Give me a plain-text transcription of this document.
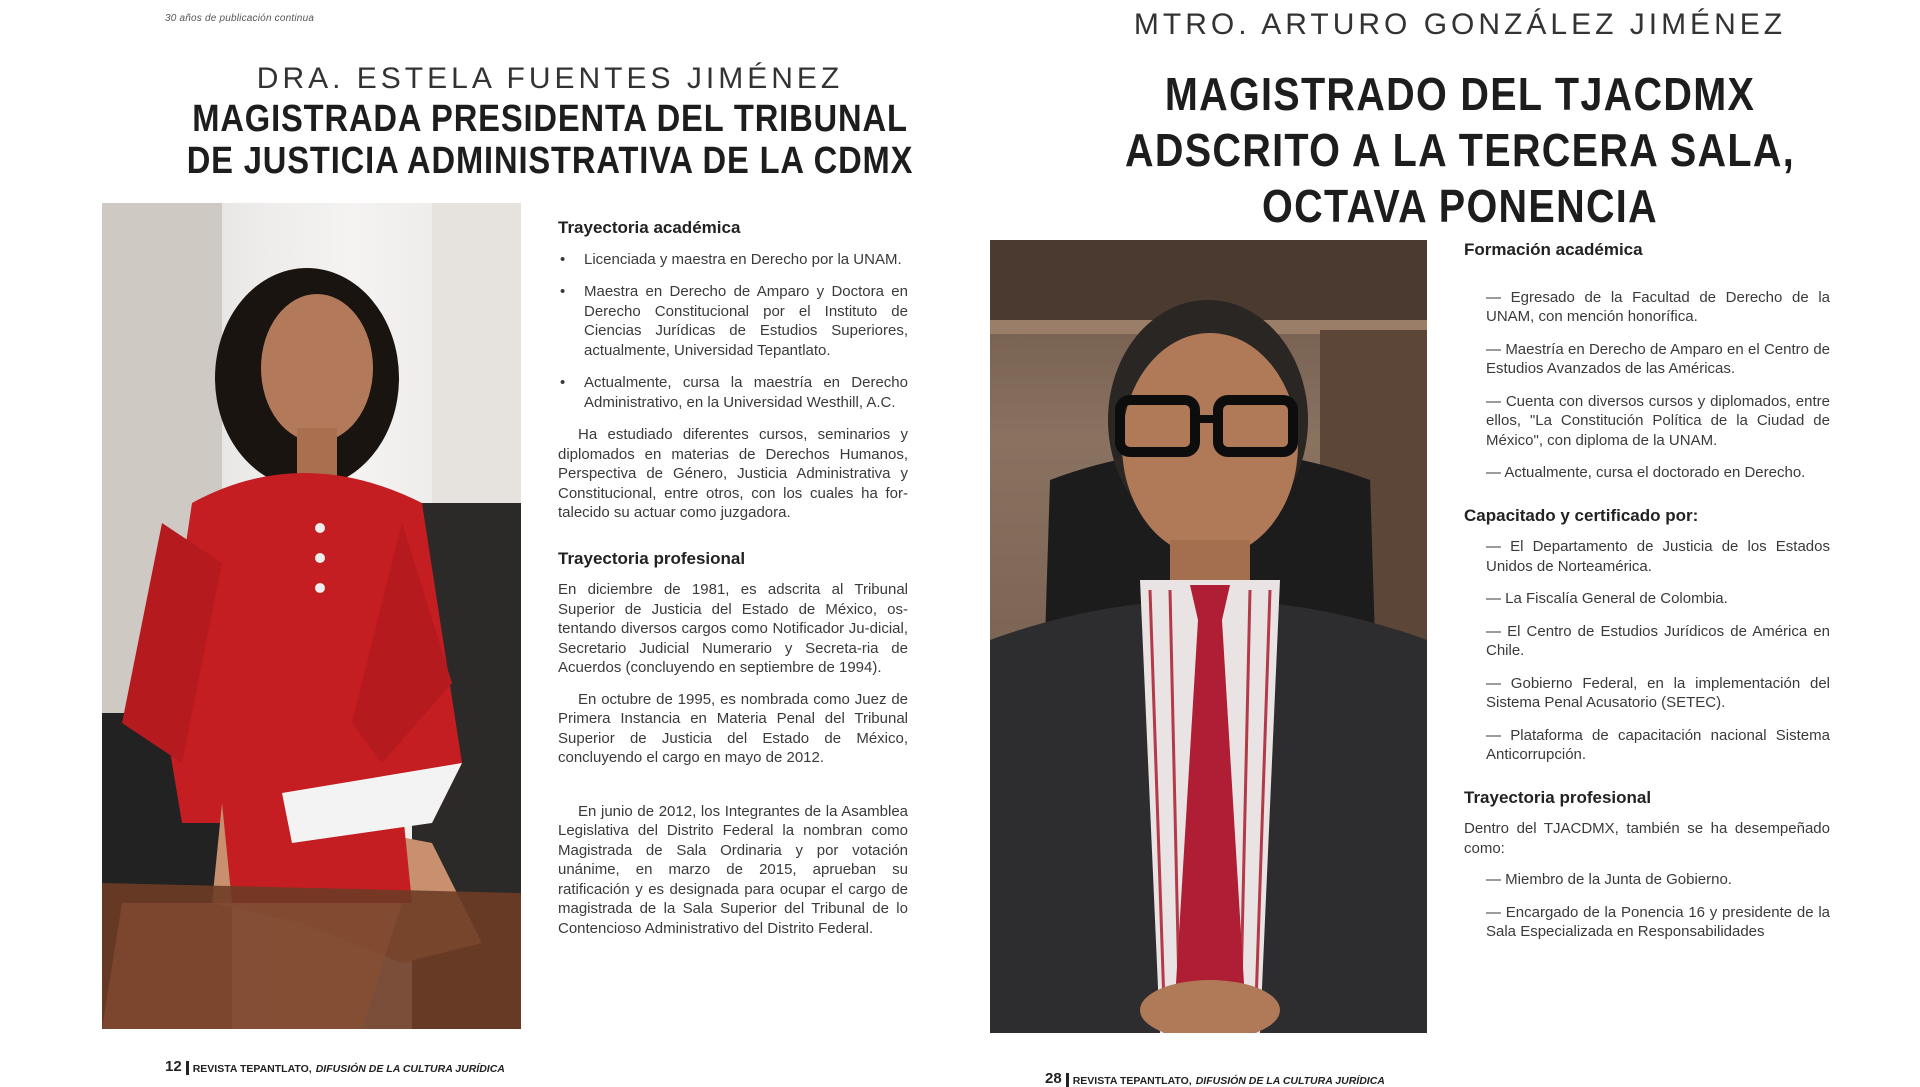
30 años de publicación continua
DRA. ESTELA FUENTES JIMÉNEZ
MAGISTRADA PRESIDENTA DEL TRIBUNAL
DE JUSTICIA ADMINISTRATIVA DE LA CDMX
Trayectoria académica
• Licenciada y maestra en Derecho por la UNAM.
• Maestra en Derecho de Amparo y Doctora en Derecho Constitucional por el Instituto de Ciencias Jurídicas de Estudios Superiores, actualmente, Universidad Tepantlato.
• Actualmente, cursa la maestría en Derecho Administrativo, en la Universidad Westhill, A.C.

Ha estudiado diferentes cursos, seminarios y diplomados en materias de Derechos Humanos, Perspectiva de Género, Justicia Administrativa y Constitucional, entre otros, con los cuales ha for-talecido su actuar como juzgadora.

Trayectoria profesional

En diciembre de 1981, es adscrita al Tribunal Superior de Justicia del Estado de México, os-tentando diversos cargos como Notificador Ju-dicial, Secretario Judicial Numerario y Secreta-ria de Acuerdos (concluyendo en septiembre de 1994).

En octubre de 1995, es nombrada como Juez de Primera Instancia en Materia Penal del Tribunal Superior de Justicia del Estado de México, concluyendo el cargo en mayo de 2012.

En junio de 2012, los Integrantes de la Asamblea Legislativa del Distrito Federal la nombran como Magistrada de Sala Ordinaria y por votación unánime, en marzo de 2015, aprueban su ratificación y es designada para ocupar el cargo de magistrada de la Sala Superior del Tribunal de lo Contencioso Administrativo del Distrito Federal.

12 REVISTA TEPANTLATO, DIFUSIÓN DE LA CULTURA JURÍDICA
MTRO. ARTURO GONZÁLEZ JIMÉNEZ
MAGISTRADO DEL TJACDMX
ADSCRITO A LA TERCERA SALA,
OCTAVA PONENCIA
Formación académica
— Egresado de la Facultad de Derecho de la UNAM, con mención honorífica.
— Maestría en Derecho de Amparo en el Centro de Estudios Avanzados de las Américas.
— Cuenta con diversos cursos y diplomados, entre ellos, "La Constitución Política de la Ciudad de México", con diploma de la UNAM.
— Actualmente, cursa el doctorado en Derecho.
Capacitado y certificado por:
— El Departamento de Justicia de los Estados Unidos de Norteamérica.
— La Fiscalía General de Colombia.
— El Centro de Estudios Jurídicos de América en Chile.
— Gobierno Federal, en la implementación del Sistema Penal Acusatorio (SETEC).
— Plataforma de capacitación nacional Sistema Anticorrupción.
Trayectoria profesional

Dentro del TJACDMX, también se ha desempeñado como:

— Miembro de la Junta de Gobierno.
— Encargado de la Ponencia 16 y presidente de la Sala Especializada en Responsabilidades
28 REVISTA TEPANTLATO, DIFUSIÓN DE LA CULTURA JURÍDICA
